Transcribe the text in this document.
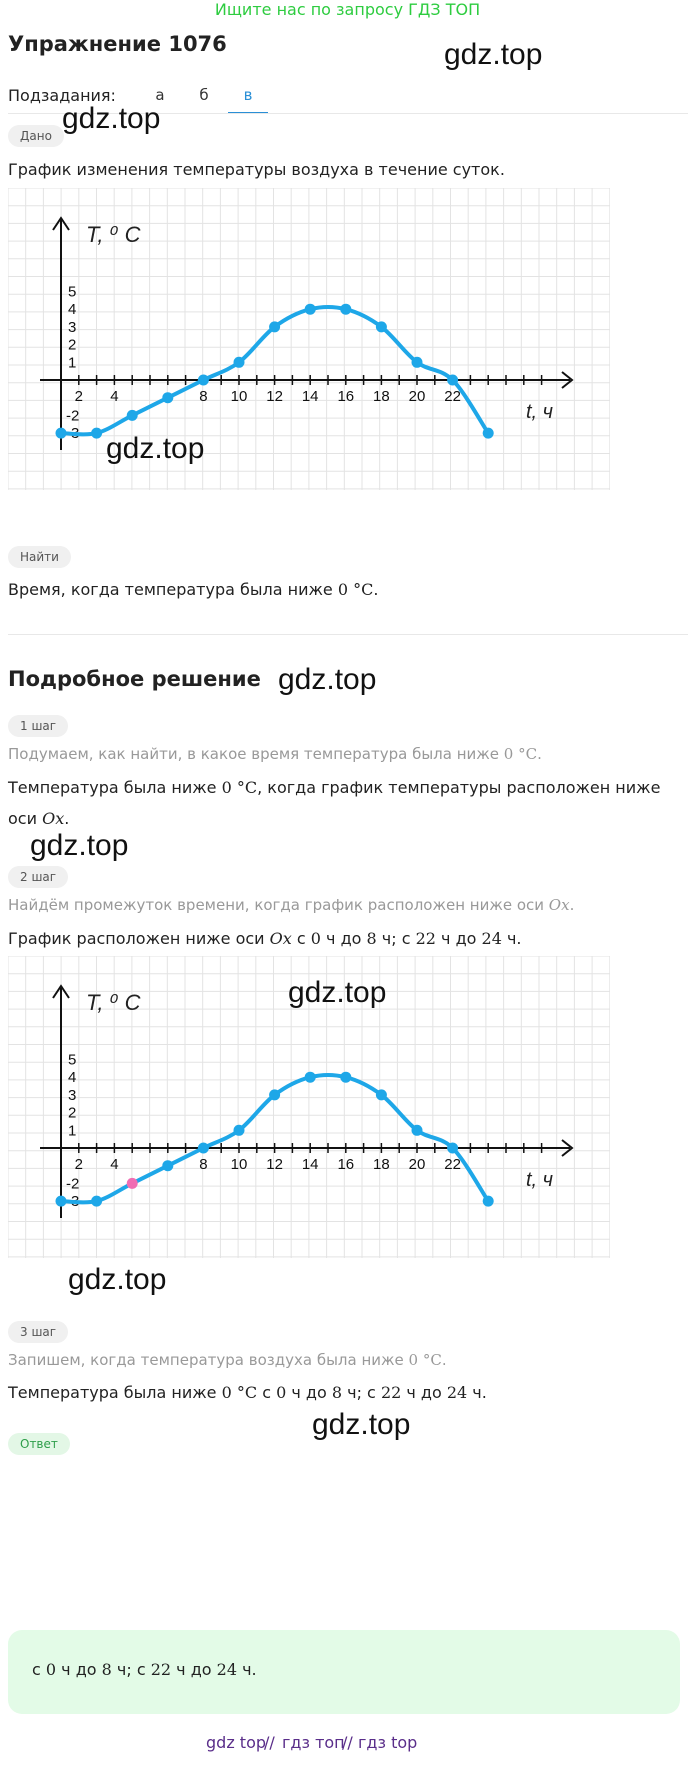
Ищите нас по запросу ГДЗ ТОП
Упражнение 1076	gdz.top
Подзадания:	а	б	в
Дано
gdz.top
График изменения температуры воздуха в течение суток.
2 4	8 10 12 14 16 18 20 22
5
4
3
2
1
-2
-3
T, ⁰ C
t, ч
gdz.top
Найти
Время, когда температура была ниже 0 °C.
Подробное решение gdz.top
1 шаг
Подумаем, как найти, в какое время температура была ниже 0 °C.
Температура была ниже 0 °C, когда график температуры расположен ниже
оси Ox.
gdz.top
2 шаг
Найдём промежуток времени, когда график расположен ниже оси Ox.
График расположен ниже оси Ox с 0 ч до 8 ч; с 22 ч до 24 ч.
2 4	8 10 12 14 16 18 20 22
5
4
3
2
1
-2
-3
T, ⁰ C
t, ч
gdz.top
gdz.top
3 шаг
Запишем, когда температура воздуха была ниже 0 °C.
Температура была ниже 0 °C с 0 ч до 8 ч; с 22 ч до 24 ч.
gdz.top
Ответ
с 0 ч до 8 ч; с 22 ч до 24 ч.
gdz top
// гдз топ
// гдз top
